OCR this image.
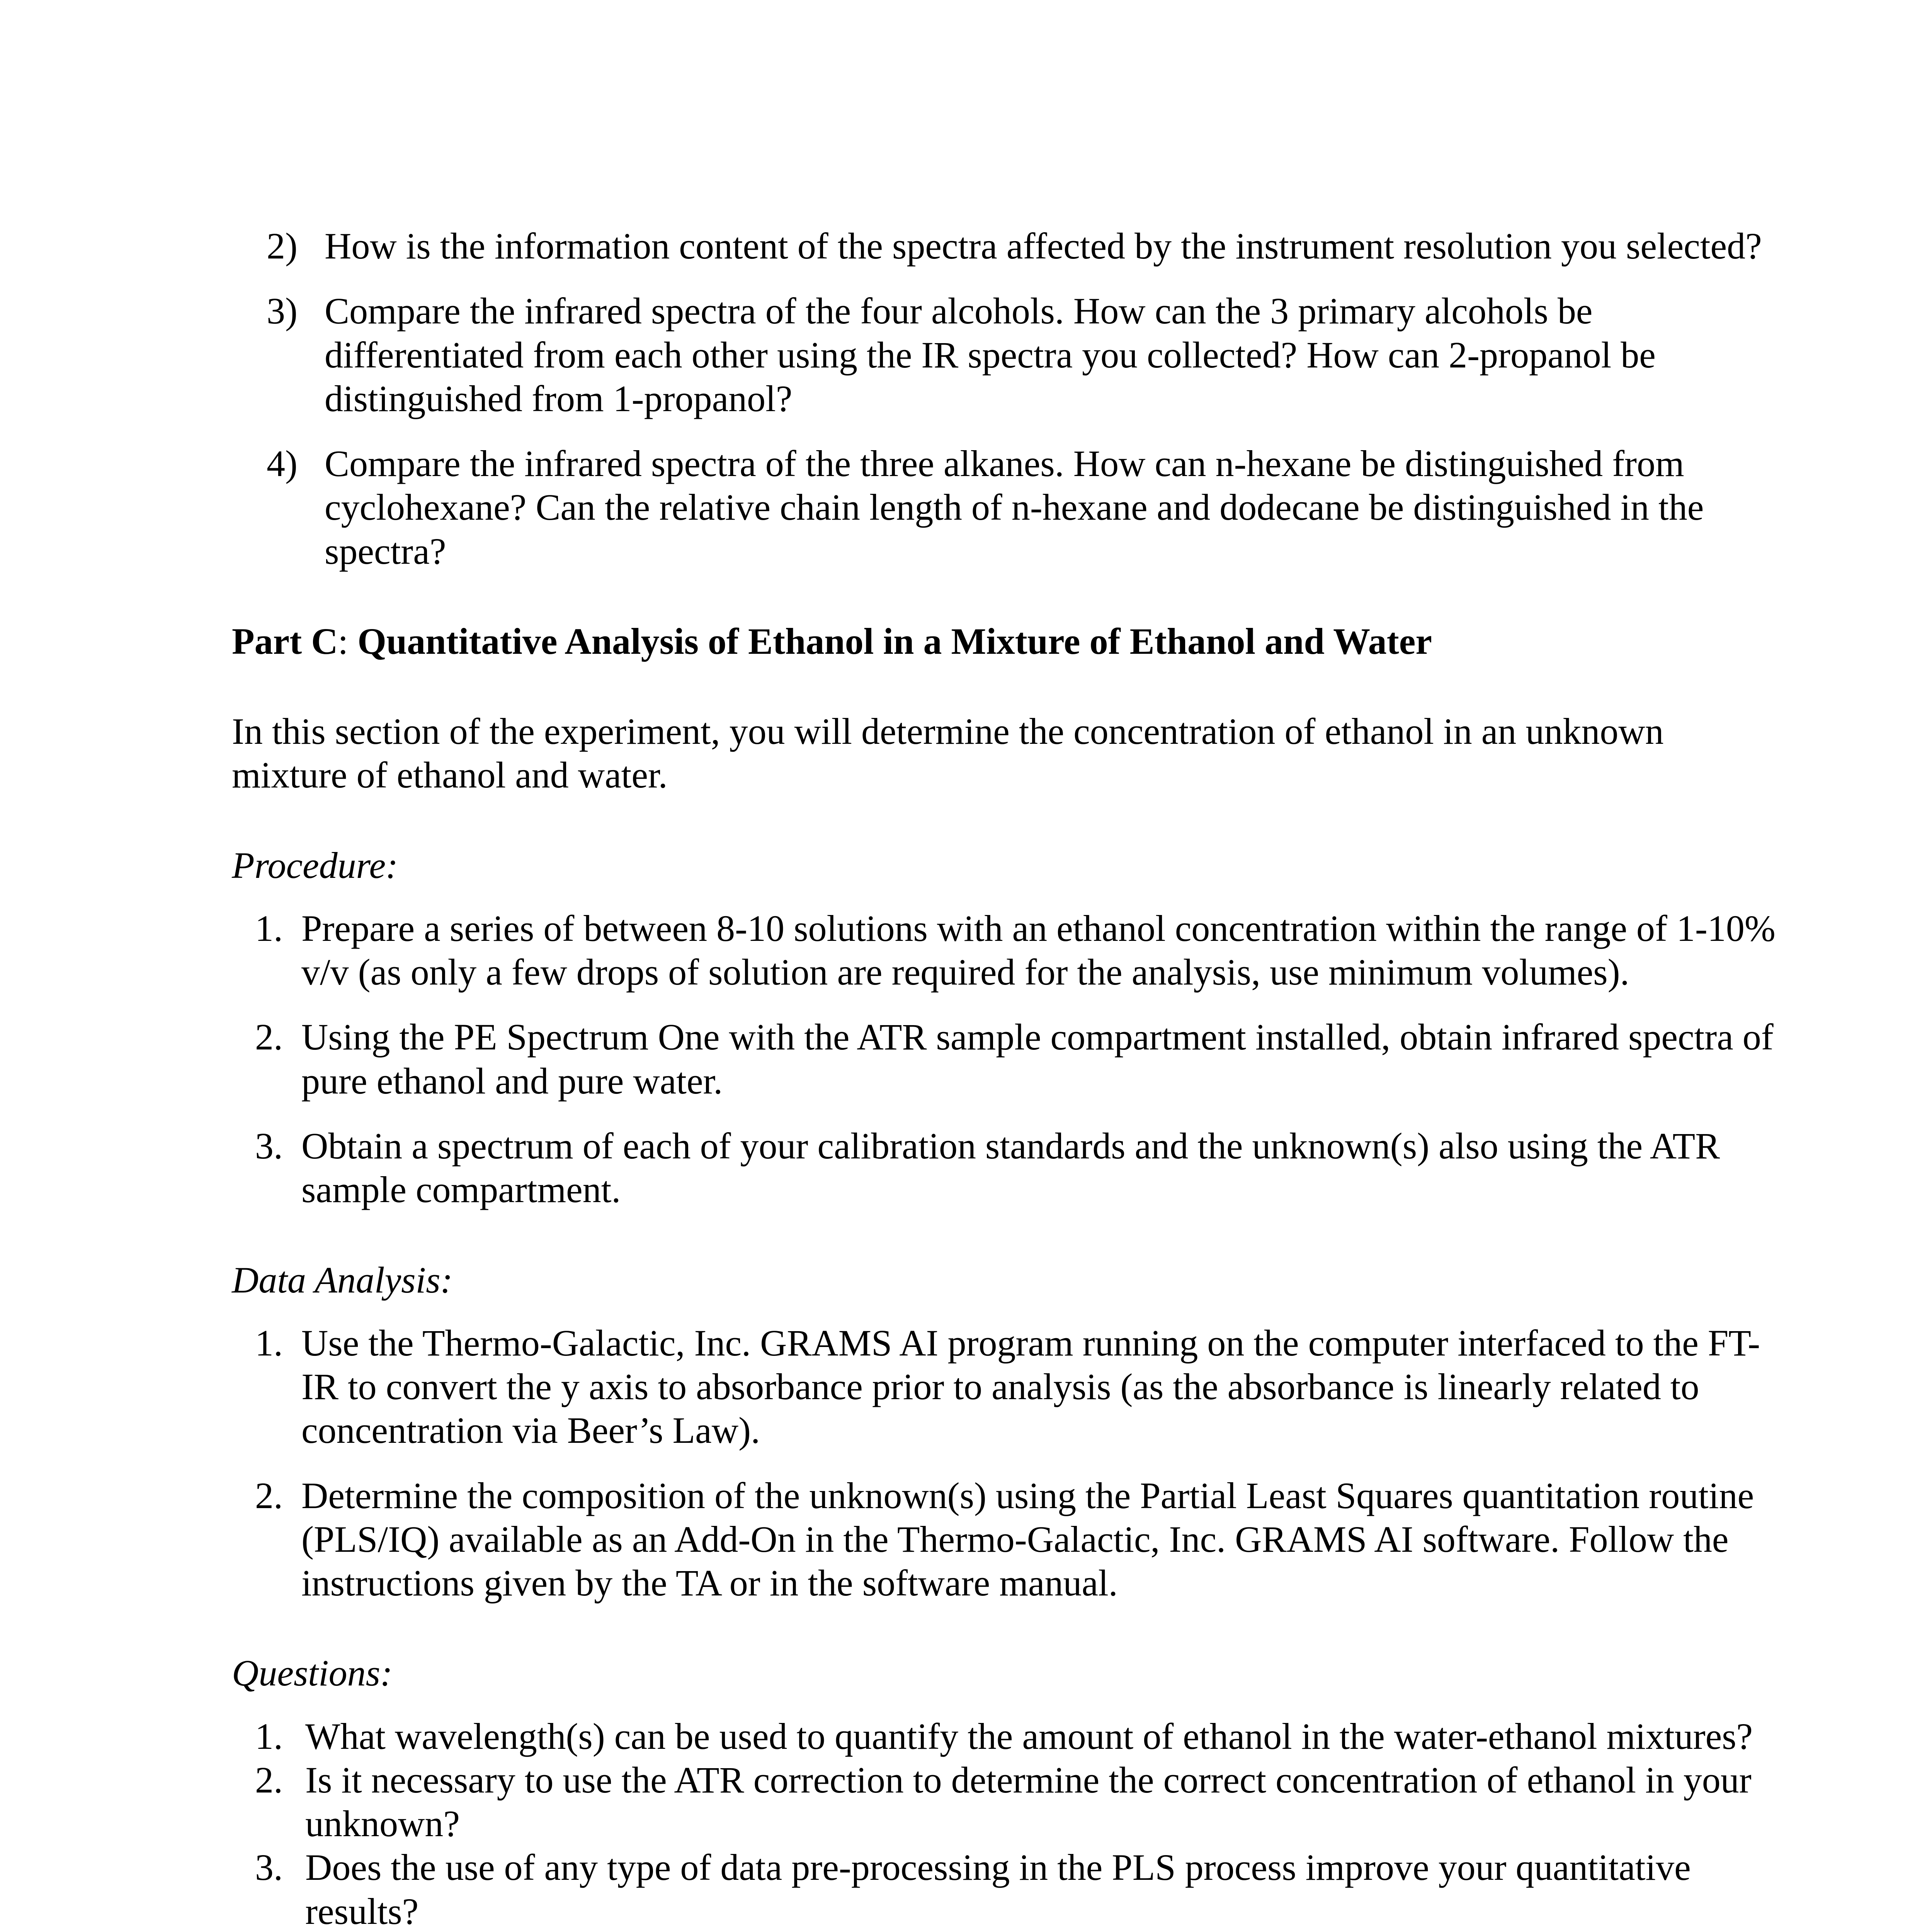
2) How is the information content of the spectra affected by the instrument resolution you selected?
3) Compare the infrared spectra of the four alcohols. How can the 3 primary alcohols be differentiated from each other using the IR spectra you collected? How can 2-propanol be distinguished from 1-propanol?
4) Compare the infrared spectra of the three alkanes. How can n-hexane be distinguished from cyclohexane? Can the relative chain length of n-hexane and dodecane be distinguished in the spectra?
Part C: Quantitative Analysis of Ethanol in a Mixture of Ethanol and Water
In this section of the experiment, you will determine the concentration of ethanol in an unknown mixture of ethanol and water.
Procedure:
1. Prepare a series of between 8-10 solutions with an ethanol concentration within the range of 1-10% v/v (as only a few drops of solution are required for the analysis, use minimum volumes).
2. Using the PE Spectrum One with the ATR sample compartment installed, obtain infrared spectra of pure ethanol and pure water.
3. Obtain a spectrum of each of your calibration standards and the unknown(s) also using the ATR sample compartment.
Data Analysis:
1. Use the Thermo-Galactic, Inc. GRAMS AI program running on the computer interfaced to the FT-IR to convert the y axis to absorbance prior to analysis (as the absorbance is linearly related to concentration via Beer’s Law).
2. Determine the composition of the unknown(s) using the Partial Least Squares quantitation routine (PLS/IQ) available as an Add-On in the Thermo-Galactic, Inc. GRAMS AI software. Follow the instructions given by the TA or in the software manual.
Questions:
1. What wavelength(s) can be used to quantify the amount of ethanol in the water-ethanol mixtures?
2. Is it necessary to use the ATR correction to determine the correct concentration of ethanol in your unknown?
3. Does the use of any type of data pre-processing in the PLS process improve your quantitative results?
